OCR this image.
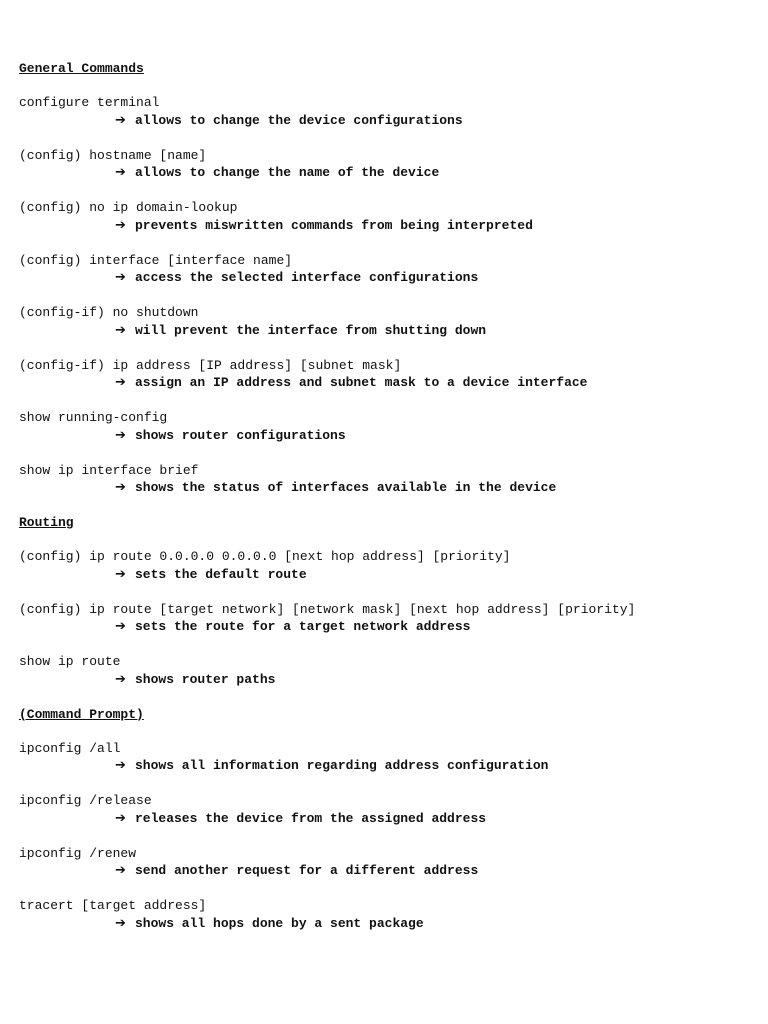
General Commands
configure terminal
➔ allows to change the device configurations
(config) hostname [name]
➔ allows to change the name of the device
(config) no ip domain-lookup
➔ prevents miswritten commands from being interpreted
(config) interface [interface name]
➔ access the selected interface configurations
(config-if) no shutdown
➔ will prevent the interface from shutting down
(config-if) ip address [IP address] [subnet mask]
➔ assign an IP address and subnet mask to a device interface
show running-config
➔ shows router configurations
show ip interface brief
➔ shows the status of interfaces available in the device
Routing
(config) ip route 0.0.0.0 0.0.0.0 [next hop address] [priority]
➔ sets the default route
(config) ip route [target network] [network mask] [next hop address] [priority]
➔ sets the route for a target network address
show ip route
➔ shows router paths
(Command Prompt)
ipconfig /all
➔ shows all information regarding address configuration
ipconfig /release
➔ releases the device from the assigned address
ipconfig /renew
➔ send another request for a different address
tracert [target address]
➔ shows all hops done by a sent package
